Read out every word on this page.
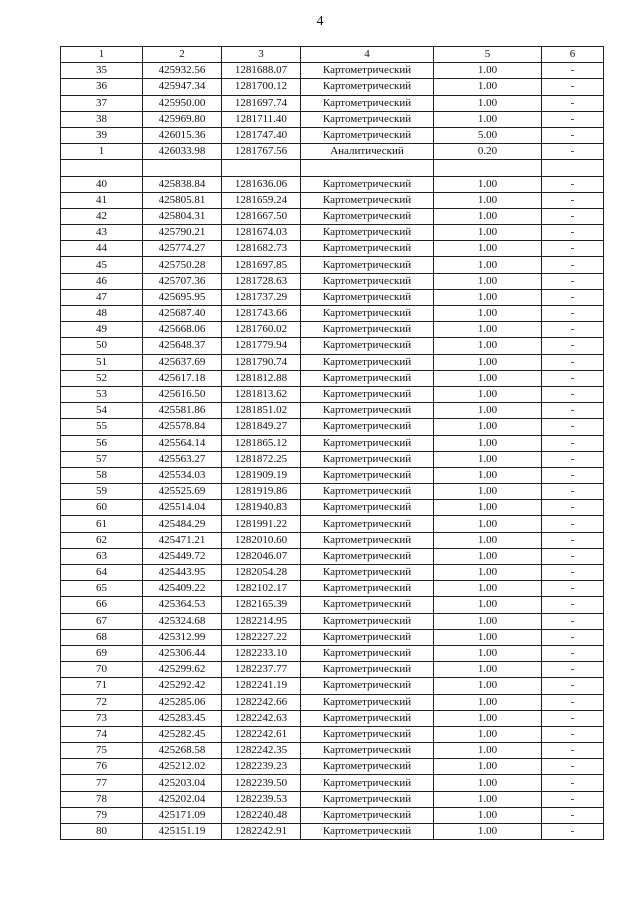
4
1	2	3	4	5	6
35	425932.56	1281688.07	Картометрический	1.00	-
36	425947.34	1281700.12	Картометрический	1.00	-
37	425950.00	1281697.74	Картометрический	1.00	-
38	425969.80	1281711.40	Картометрический	1.00	-
39	426015.36	1281747.40	Картометрический	5.00	-
1	426033.98	1281767.56	Аналитический	0.20	-

40	425838.84	1281636.06	Картометрический	1.00	-
41	425805.81	1281659.24	Картометрический	1.00	-
42	425804.31	1281667.50	Картометрический	1.00	-
43	425790.21	1281674.03	Картометрический	1.00	-
44	425774.27	1281682.73	Картометрический	1.00	-
45	425750.28	1281697.85	Картометрический	1.00	-
46	425707.36	1281728.63	Картометрический	1.00	-
47	425695.95	1281737.29	Картометрический	1.00	-
48	425687.40	1281743.66	Картометрический	1.00	-
49	425668.06	1281760.02	Картометрический	1.00	-
50	425648.37	1281779.94	Картометрический	1.00	-
51	425637.69	1281790.74	Картометрический	1.00	-
52	425617.18	1281812.88	Картометрический	1.00	-
53	425616.50	1281813.62	Картометрический	1.00	-
54	425581.86	1281851.02	Картометрический	1.00	-
55	425578.84	1281849.27	Картометрический	1.00	-
56	425564.14	1281865.12	Картометрический	1.00	-
57	425563.27	1281872.25	Картометрический	1.00	-
58	425534.03	1281909.19	Картометрический	1.00	-
59	425525.69	1281919.86	Картометрический	1.00	-
60	425514.04	1281940.83	Картометрический	1.00	-
61	425484.29	1281991.22	Картометрический	1.00	-
62	425471.21	1282010.60	Картометрический	1.00	-
63	425449.72	1282046.07	Картометрический	1.00	-
64	425443.95	1282054.28	Картометрический	1.00	-
65	425409.22	1282102.17	Картометрический	1.00	-
66	425364.53	1282165.39	Картометрический	1.00	-
67	425324.68	1282214.95	Картометрический	1.00	-
68	425312.99	1282227.22	Картометрический	1.00	-
69	425306.44	1282233.10	Картометрический	1.00	-
70	425299.62	1282237.77	Картометрический	1.00	-
71	425292.42	1282241.19	Картометрический	1.00	-
72	425285.06	1282242.66	Картометрический	1.00	-
73	425283.45	1282242.63	Картометрический	1.00	-
74	425282.45	1282242.61	Картометрический	1.00	-
75	425268.58	1282242.35	Картометрический	1.00	-
76	425212.02	1282239.23	Картометрический	1.00	-
77	425203.04	1282239.50	Картометрический	1.00	-
78	425202.04	1282239.53	Картометрический	1.00	-
79	425171.09	1282240.48	Картометрический	1.00	-
80	425151.19	1282242.91	Картометрический	1.00	-
